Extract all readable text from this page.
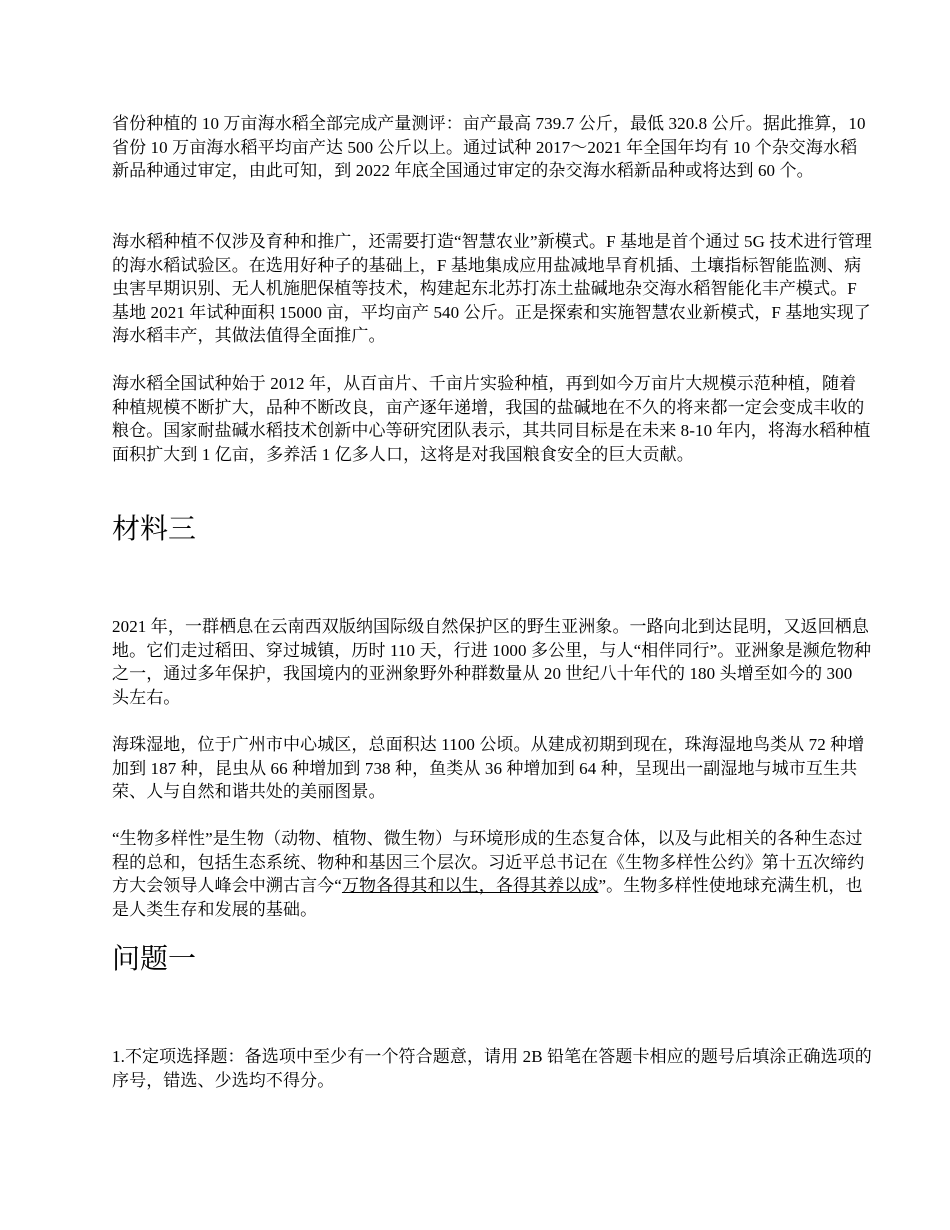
省份种植的 10 万亩海水稻全部完成产量测评：亩产最高 739.7 公斤，最低 320.8 公斤。据此推算，10 省份 10 万亩海水稻平均亩产达 500 公斤以上。通过试种 2017～2021 年全国年均有 10 个杂交海水稻新品种通过审定，由此可知，到 2022 年底全国通过审定的杂交海水稻新品种或将达到 60 个。

海水稻种植不仅涉及育种和推广，还需要打造“智慧农业”新模式。F 基地是首个通过 5G 技术进行管理的海水稻试验区。在选用好种子的基础上，F 基地集成应用盐减地旱育机插、土壤指标智能监测、病虫害早期识别、无人机施肥保植等技术，构建起东北苏打冻土盐碱地杂交海水稻智能化丰产模式。F 基地 2021 年试种面积 15000 亩，平均亩产 540 公斤。正是探索和实施智慧农业新模式，F 基地实现了海水稻丰产，其做法值得全面推广。

海水稻全国试种始于 2012 年，从百亩片、千亩片实验种植，再到如今万亩片大规模示范种植，随着种植规模不断扩大，品种不断改良，亩产逐年递增，我国的盐碱地在不久的将来都一定会变成丰收的粮仓。国家耐盐碱水稻技术创新中心等研究团队表示，其共同目标是在未来 8-10 年内，将海水稻种植面积扩大到 1 亿亩，多养活 1 亿多人口，这将是对我国粮食安全的巨大贡献。

材料三

2021 年，一群栖息在云南西双版纳国际级自然保护区的野生亚洲象。一路向北到达昆明，又返回栖息地。它们走过稻田、穿过城镇，历时 110 天，行进 1000 多公里，与人“相伴同行”。亚洲象是濒危物种之一，通过多年保护，我国境内的亚洲象野外种群数量从 20 世纪八十年代的 180 头增至如今的 300 头左右。

海珠湿地，位于广州市中心城区，总面积达 1100 公顷。从建成初期到现在，珠海湿地鸟类从 72 种增加到 187 种，昆虫从 66 种增加到 738 种，鱼类从 36 种增加到 64 种，呈现出一副湿地与城市互生共荣、人与自然和谐共处的美丽图景。

“生物多样性”是生物（动物、植物、微生物）与环境形成的生态复合体，以及与此相关的各种生态过程的总和，包括生态系统、物种和基因三个层次。习近平总书记在《生物多样性公约》第十五次缔约方大会领导人峰会中溯古言今“万物各得其和以生，各得其养以成”。生物多样性使地球充满生机，也是人类生存和发展的基础。

问题一

1.不定项选择题：备选项中至少有一个符合题意，请用 2B 铅笔在答题卡相应的题号后填涂正确选项的序号，错选、少选均不得分。
